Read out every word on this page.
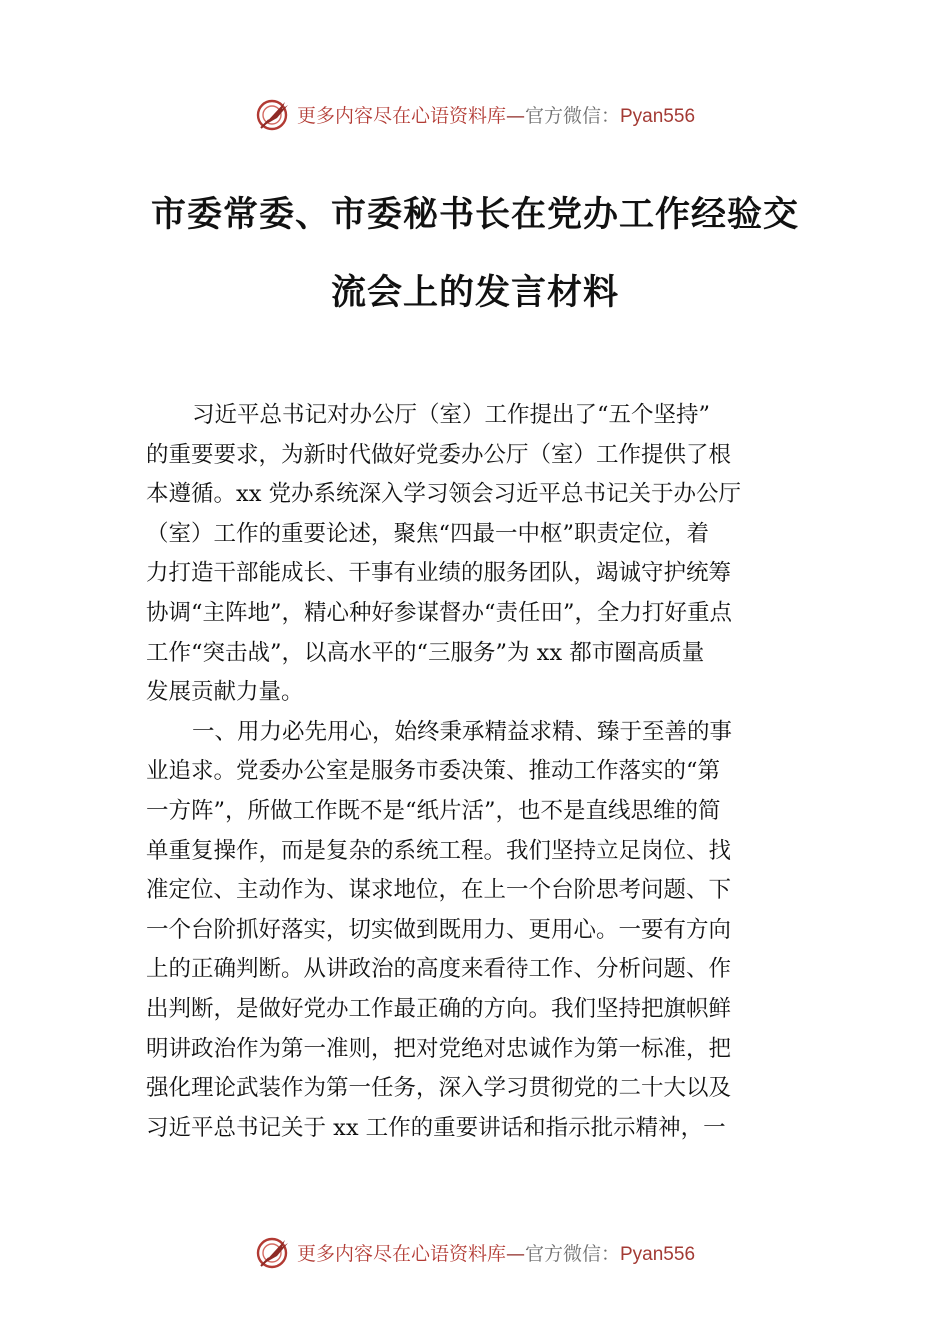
更多内容尽在心语资料库—官方微信：Pyan556
市委常委、市委秘书长在党办工作经验交
流会上的发言材料
习近平总书记对办公厅（室）工作提出了“五个坚持”
的重要要求，为新时代做好党委办公厅（室）工作提供了根
本遵循。xx 党办系统深入学习领会习近平总书记关于办公厅
（室）工作的重要论述，聚焦“四最一中枢”职责定位，着
力打造干部能成长、干事有业绩的服务团队，竭诚守护统筹
协调“主阵地”，精心种好参谋督办“责任田”，全力打好重点
工作“突击战”，以高水平的“三服务”为 xx 都市圈高质量
发展贡献力量。
一、用力必先用心，始终秉承精益求精、臻于至善的事
业追求。党委办公室是服务市委决策、推动工作落实的“第
一方阵”，所做工作既不是“纸片活”，也不是直线思维的简
单重复操作，而是复杂的系统工程。我们坚持立足岗位、找
准定位、主动作为、谋求地位，在上一个台阶思考问题、下
一个台阶抓好落实，切实做到既用力、更用心。一要有方向
上的正确判断。从讲政治的高度来看待工作、分析问题、作
出判断，是做好党办工作最正确的方向。我们坚持把旗帜鲜
明讲政治作为第一准则，把对党绝对忠诚作为第一标准，把
强化理论武装作为第一任务，深入学习贯彻党的二十大以及
习近平总书记关于 xx 工作的重要讲话和指示批示精神，一
更多内容尽在心语资料库—官方微信：Pyan556
